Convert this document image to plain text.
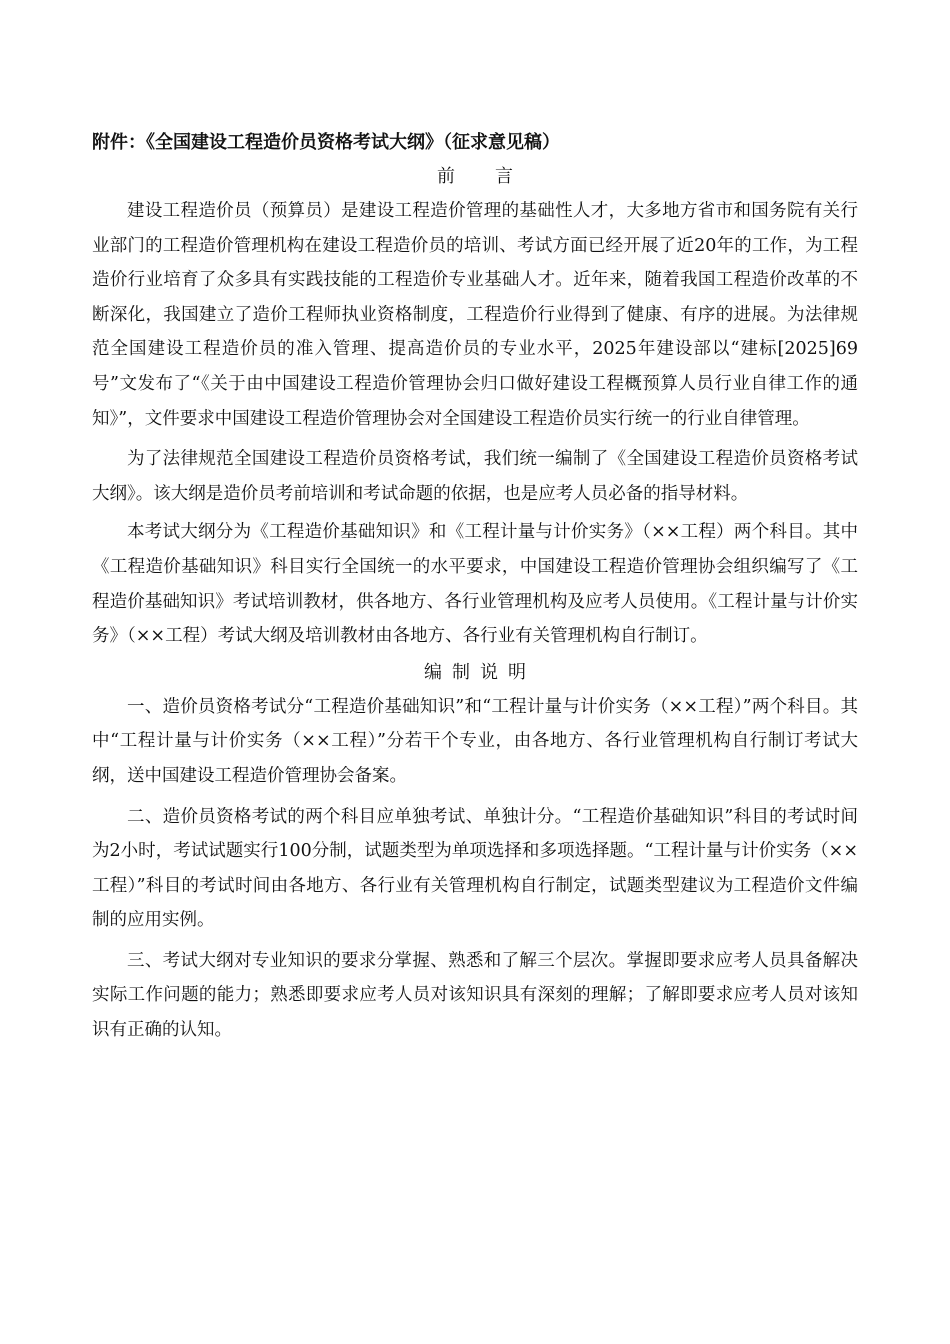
附件：《全国建设工程造价员资格考试大纲》（征求意见稿）

前言

建设工程造价员（预算员）是建设工程造价管理的基础性人才，大多地方省市和国务院有关行业部门的工程造价管理机构在建设工程造价员的培训、考试方面已经开展了近20年的工作，为工程造价行业培育了众多具有实践技能的工程造价专业基础人才。近年来，随着我国工程造价改革的不断深化，我国建立了造价工程师执业资格制度，工程造价行业得到了健康、有序的进展。为法律规范全国建设工程造价员的准入管理、提高造价员的专业水平，2025年建设部以“建标[2025]69号”文发布了“《关于由中国建设工程造价管理协会归口做好建设工程概预算人员行业自律工作的通知》”，文件要求中国建设工程造价管理协会对全国建设工程造价员实行统一的行业自律管理。

为了法律规范全国建设工程造价员资格考试，我们统一编制了《全国建设工程造价员资格考试大纲》。该大纲是造价员考前培训和考试命题的依据，也是应考人员必备的指导材料。

本考试大纲分为《工程造价基础知识》和《工程计量与计价实务》（××工程）两个科目。其中《工程造价基础知识》科目实行全国统一的水平要求，中国建设工程造价管理协会组织编写了《工程造价基础知识》考试培训教材，供各地方、各行业管理机构及应考人员使用。《工程计量与计价实务》（××工程）考试大纲及培训教材由各地方、各行业有关管理机构自行制订。

编制说明

一、造价员资格考试分“工程造价基础知识”和“工程计量与计价实务（××工程）”两个科目。其中“工程计量与计价实务（××工程）”分若干个专业，由各地方、各行业管理机构自行制订考试大纲，送中国建设工程造价管理协会备案。

二、造价员资格考试的两个科目应单独考试、单独计分。“工程造价基础知识”科目的考试时间为2小时，考试试题实行100分制，试题类型为单项选择和多项选择题。“工程计量与计价实务（××工程）”科目的考试时间由各地方、各行业有关管理机构自行制定，试题类型建议为工程造价文件编制的应用实例。

三、考试大纲对专业知识的要求分掌握、熟悉和了解三个层次。掌握即要求应考人员具备解决实际工作问题的能力；熟悉即要求应考人员对该知识具有深刻的理解；了解即要求应考人员对该知识有正确的认知。
